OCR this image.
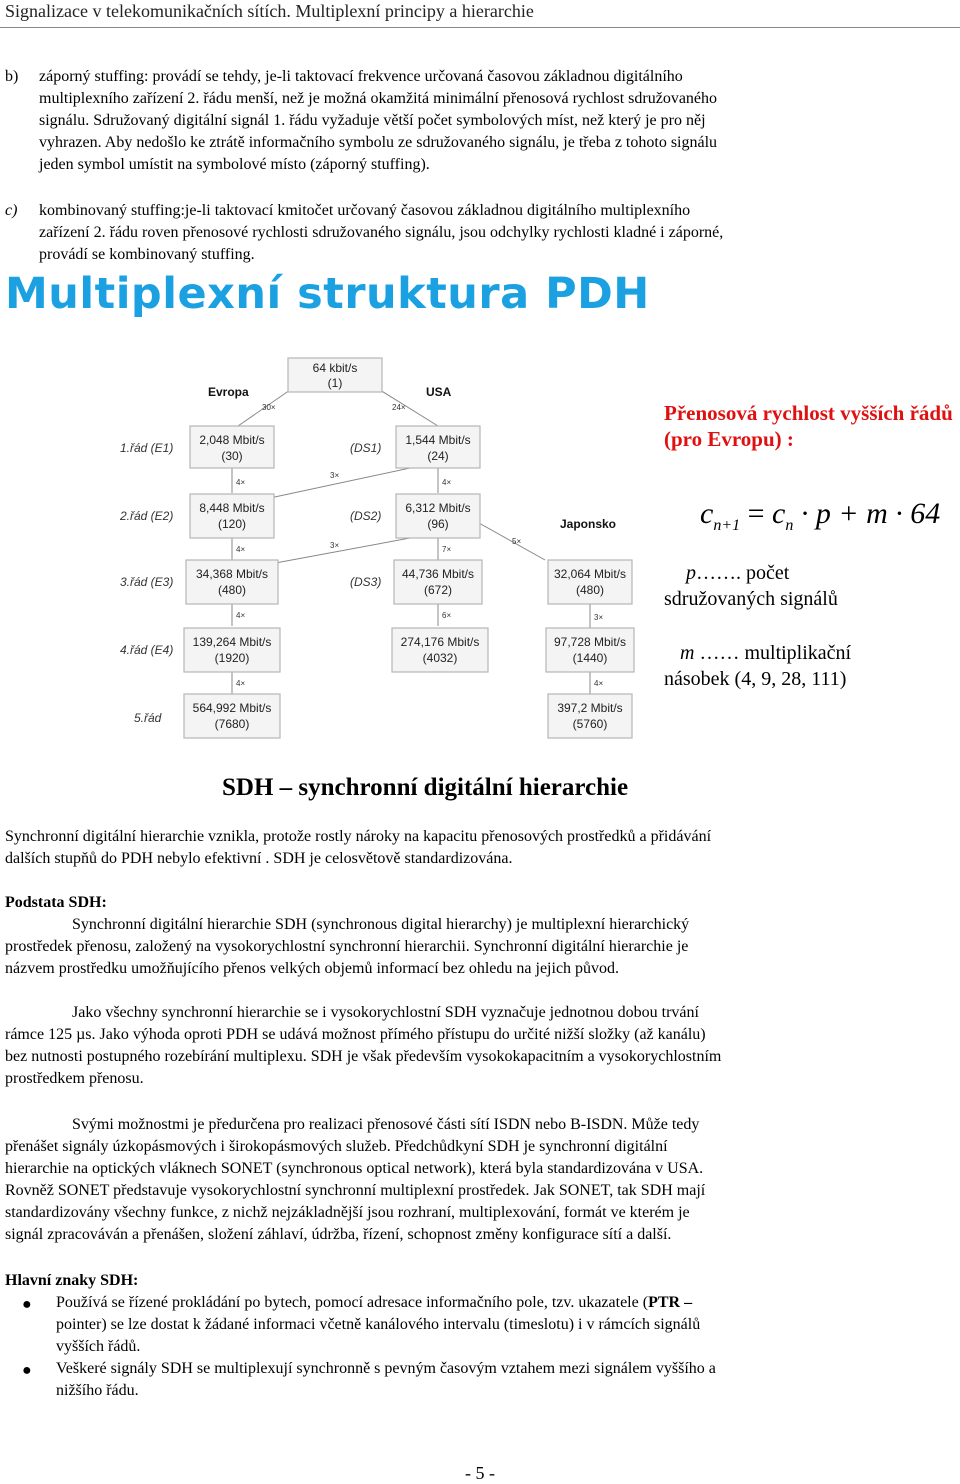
Signalizace v telekomunikačních sítích. Multiplexní principy a hierarchie
b) záporný stuffing: provádí se tehdy, je-li taktovací frekvence určovaná časovou základnou digitálního
multiplexního zařízení 2. řádu menší, než je možná okamžitá minimální přenosová rychlost sdružovaného
signálu. Sdružovaný digitální signál 1. řádu vyžaduje větší počet symbolových míst, než který je pro něj
vyhrazen. Aby nedošlo ke ztrátě informačního symbolu ze sdružovaného signálu, je třeba z tohoto signálu
jeden symbol umístit na symbolové místo (záporný stuffing).
c) kombinovaný stuffing:je-li taktovací kmitočet určovaný časovou základnou digitálního multiplexního
zařízení 2. řádu roven přenosové rychlosti sdružovaného signálu, jsou odchylky rychlosti kladné i záporné,
provádí se kombinovaný stuffing.
Multiplexní struktura PDH
64 kbit/s
(1)
30×	24×
Evropa	USA
Japonsko
1.řád (E1)
2.řád (E2)
3.řád (E3)
4.řád (E4)
5.řád
(DS1)
(DS2)
(DS3)
2,048 Mbit/s
(30)
8,448 Mbit/s
(120)
34,368 Mbit/s
(480)
139,264 Mbit/s
(1920)
564,992 Mbit/s
(7680)
4×
4×
4×
4×
1,544 Mbit/s
(24)
6,312 Mbit/s
(96)
44,736 Mbit/s
(672)
274,176 Mbit/s
(4032)
4×
7×
6×
3×
3×
32,064 Mbit/s
(480)
97,728 Mbit/s
(1440)
397,2 Mbit/s
(5760)
5×
3×
4×
Přenosová rychlost vyšších řádů (pro Evropu) :
$c_{n+1} = c_n \cdot p + m \cdot 64$
p……. počet
sdružovaných signálů
m …… multiplikační
násobek (4, 9, 28, 111)
SDH – synchronní digitální hierarchie
Synchronní digitální hierarchie vznikla, protože rostly nároky na kapacitu přenosových prostředků a přidávání
dalších stupňů do PDH nebylo efektivní . SDH je celosvětově standardizována.
Podstata SDH:
Synchronní digitální hierarchie SDH (synchronous digital hierarchy) je multiplexní hierarchický
prostředek přenosu, založený na vysokorychlostní synchronní hierarchii. Synchronní digitální hierarchie je
názvem prostředku umožňujícího přenos velkých objemů informací bez ohledu na jejich původ.
Jako všechny synchronní hierarchie se i vysokorychlostní SDH vyznačuje jednotnou dobou trvání
rámce 125 µs. Jako výhoda oproti PDH se udává možnost přímého přístupu do určité nižší složky (až kanálu)
bez nutnosti postupného rozebírání multiplexu. SDH je však především vysokokapacitním a vysokorychlostním
prostředkem přenosu.
Svými možnostmi je předurčena pro realizaci přenosové části sítí ISDN nebo B-ISDN. Může tedy
přenášet signály úzkopásmových i širokopásmových služeb. Předchůdkyní SDH je synchronní digitální
hierarchie na optických vláknech SONET (synchronous optical network), která byla standardizována v USA.
Rovněž SONET představuje vysokorychlostní synchronní multiplexní prostředek. Jak SONET, tak SDH mají
standardizovány všechny funkce, z nichž nejzákladnější jsou rozhraní, multiplexování, formát ve kterém je
signál zpracováván a přenášen, složení záhlaví, údržba, řízení, schopnost změny konfigurace sítí a další.
Hlavní znaky SDH:
● Používá se řízené prokládání po bytech, pomocí adresace informačního pole, tzv. ukazatele (PTR –
pointer) se lze dostat k žádané informaci včetně kanálového intervalu (timeslotu) i v rámcích signálů
vyšších řádů.
● Veškeré signály SDH se multiplexují synchronně s pevným časovým vztahem mezi signálem vyššího a
nižšího řádu.
- 5 -
